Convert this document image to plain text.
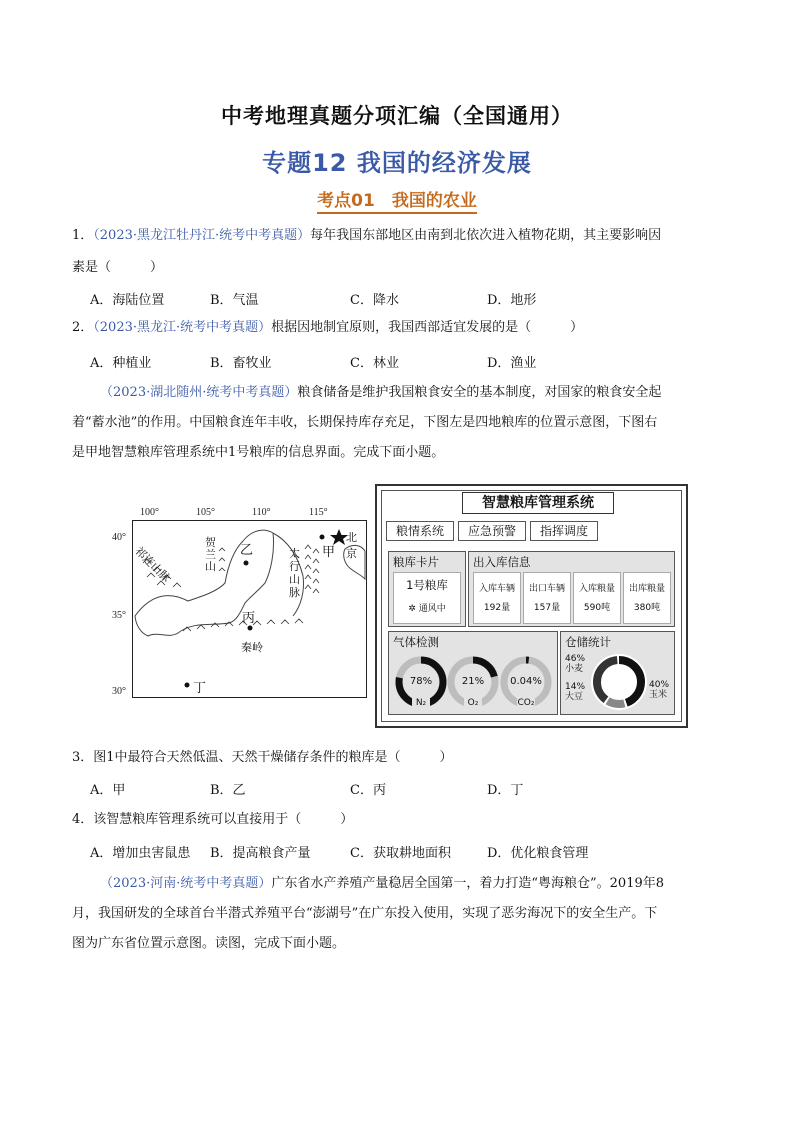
中考地理真题分项汇编（全国通用）
专题12 我国的经济发展
考点01　我国的农业
1．（2023·黑龙江牡丹江·统考中考真题）每年我国东部地区由南到北依次进入植物花期，其主要影响因
素是（　　　）
A．海陆位置	B．气温	C．降水	D．地形
2．（2023·黑龙江·统考中考真题）根据因地制宜原则，我国西部适宜发展的是（　　　）
A．种植业	B．畜牧业	C．林业	D．渔业
（2023·湖北随州·统考中考真题）粮食储备是维护我国粮食安全的基本制度，对国家的粮食安全起
着“蓄水池”的作用。中国粮食连年丰收，长期保持库存充足，下图左是四地粮库的位置示意图，下图右
是甲地智慧粮库管理系统中1号粮库的信息界面。完成下面小题。
100°	105°	110°	115°
40°
35°
30°
祁连山脉
贺兰山
太行山脉
秦岭
北京
甲
乙
丙
丁
智慧粮库管理系统
粮情系统	应急预警	指挥调度
粮库卡片
1号粮库
✲ 通风中
出入库信息
入库车辆
192量
出口车辆
157量
入库粮量
590吨
出库粮量
380吨
气体检测
78%	21%	0.04%
N₂	O₂	CO₂
仓储统计
46%
小麦
14%
大豆
40%
玉米
3．图1中最符合天然低温、天然干燥储存条件的粮库是（　　　）
A．甲	B．乙	C．丙	D．丁
4．该智慧粮库管理系统可以直接用于（　　　）
A．增加虫害鼠患 B．提高粮食产量	C．获取耕地面积	D．优化粮食管理
（2023·河南·统考中考真题）广东省水产养殖产量稳居全国第一，着力打造“粤海粮仓”。2019年8
月，我国研发的全球首台半潜式养殖平台“澎湖号”在广东投入使用，实现了恶劣海况下的安全生产。下
图为广东省位置示意图。读图，完成下面小题。
